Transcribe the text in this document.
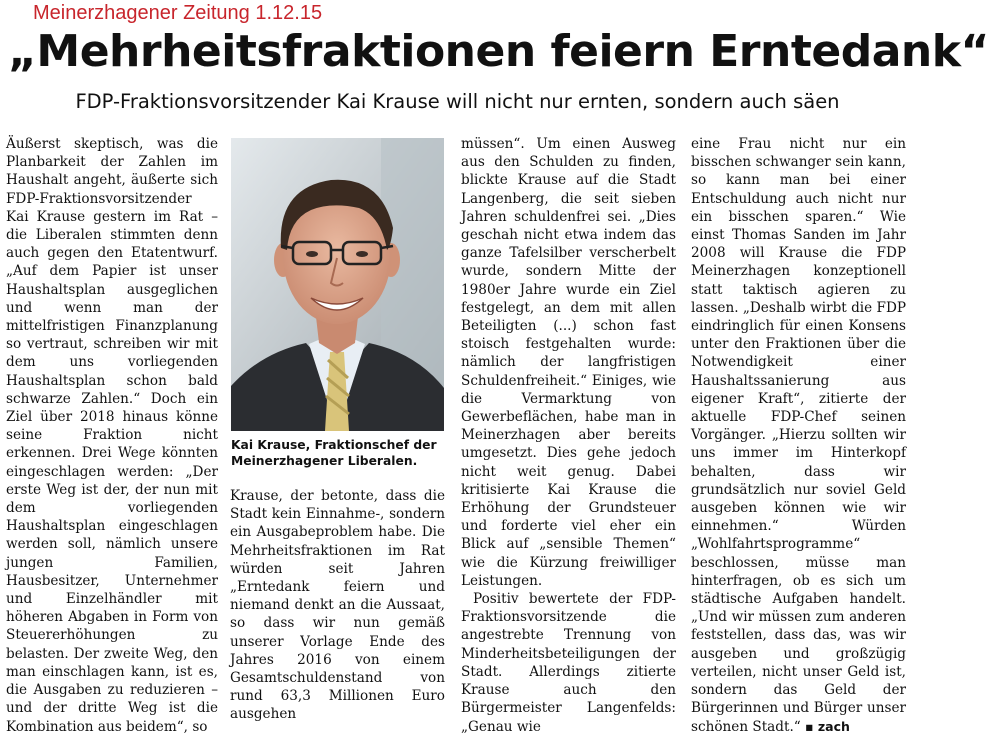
Meinerzhagener Zeitung 1.12.15
„Mehrheitsfraktionen feiern Erntedank“
FDP-Fraktionsvorsitzender Kai Krause will nicht nur ernten, sondern auch säen

Äußerst skeptisch, was die Planbarkeit der Zahlen im Haushalt angeht, äußerte sich FDP-Fraktionsvorsitzender Kai Krause gestern im Rat – die Liberalen stimmten denn auch gegen den Etatentwurf. „Auf dem Papier ist unser Haushaltsplan ausgeglichen und wenn man der mittelfristigen Finanzplanung so vertraut, schreiben wir mit dem uns vorliegenden Haushaltsplan schon bald schwarze Zahlen.“ Doch ein Ziel über 2018 hinaus könne seine Fraktion nicht erkennen. Drei Wege könnten eingeschlagen werden: „Der erste Weg ist der, der nun mit dem vorliegenden Haushaltsplan eingeschlagen werden soll, nämlich unsere jungen Familien, Hausbesitzer, Unternehmer und Einzelhändler mit höheren Abgaben in Form von Steuererhöhungen zu belasten. Der zweite Weg, den man einschlagen kann, ist es, die Ausgaben zu reduzieren – und der dritte Weg ist die Kombination aus beidem“, so

Kai Krause, Fraktionschef der Meinerzhagener Liberalen.

Krause, der betonte, dass die Stadt kein Einnahme-, sondern ein Ausgabeproblem habe. Die Mehrheitsfraktionen im Rat würden seit Jahren „Erntedank feiern und niemand denkt an die Aussaat, so dass wir nun gemäß unserer Vorlage Ende des Jahres 2016 von einem Gesamtschuldenstand von rund 63,3 Millionen Euro ausgehen

müssen“. Um einen Ausweg aus den Schulden zu finden, blickte Krause auf die Stadt Langenberg, die seit sieben Jahren schuldenfrei sei. „Dies geschah nicht etwa indem das ganze Tafelsilber verscherbelt wurde, sondern Mitte der 1980er Jahre wurde ein Ziel festgelegt, an dem mit allen Beteiligten (...) schon fast stoisch festgehalten wurde: nämlich der langfristigen Schuldenfreiheit.“ Einiges, wie die Vermarktung von Gewerbeflächen, habe man in Meinerzhagen aber bereits umgesetzt. Dies gehe jedoch nicht weit genug. Dabei kritisierte Kai Krause die Erhöhung der Grundsteuer und forderte viel eher ein Blick auf „sensible Themen“ wie die Kürzung freiwilliger Leistungen.

Positiv bewertete der FDP-Fraktionsvorsitzende die angestrebte Trennung von Minderheitsbeteiligungen der Stadt. Allerdings zitierte Krause auch den Bürgermeister Langenfelds: „Genau wie

eine Frau nicht nur ein bisschen schwanger sein kann, so kann man bei einer Entschuldung auch nicht nur ein bisschen sparen.“ Wie einst Thomas Sanden im Jahr 2008 will Krause die FDP Meinerzhagen konzeptionell statt taktisch agieren zu lassen. „Deshalb wirbt die FDP eindringlich für einen Konsens unter den Fraktionen über die Notwendigkeit einer Haushaltssanierung aus eigener Kraft“, zitierte der aktuelle FDP-Chef seinen Vorgänger. „Hierzu sollten wir uns immer im Hinterkopf behalten, dass wir grundsätzlich nur soviel Geld ausgeben können wie wir einnehmen.“ Würden „Wohlfahrtsprogramme“ beschlossen, müsse man hinterfragen, ob es sich um städtische Aufgaben handelt. „Und wir müssen zum anderen feststellen, dass das, was wir ausgeben und großzügig verteilen, nicht unser Geld ist, sondern das Geld der Bürgerinnen und Bürger unser schönen Stadt.“ ▪ zach
